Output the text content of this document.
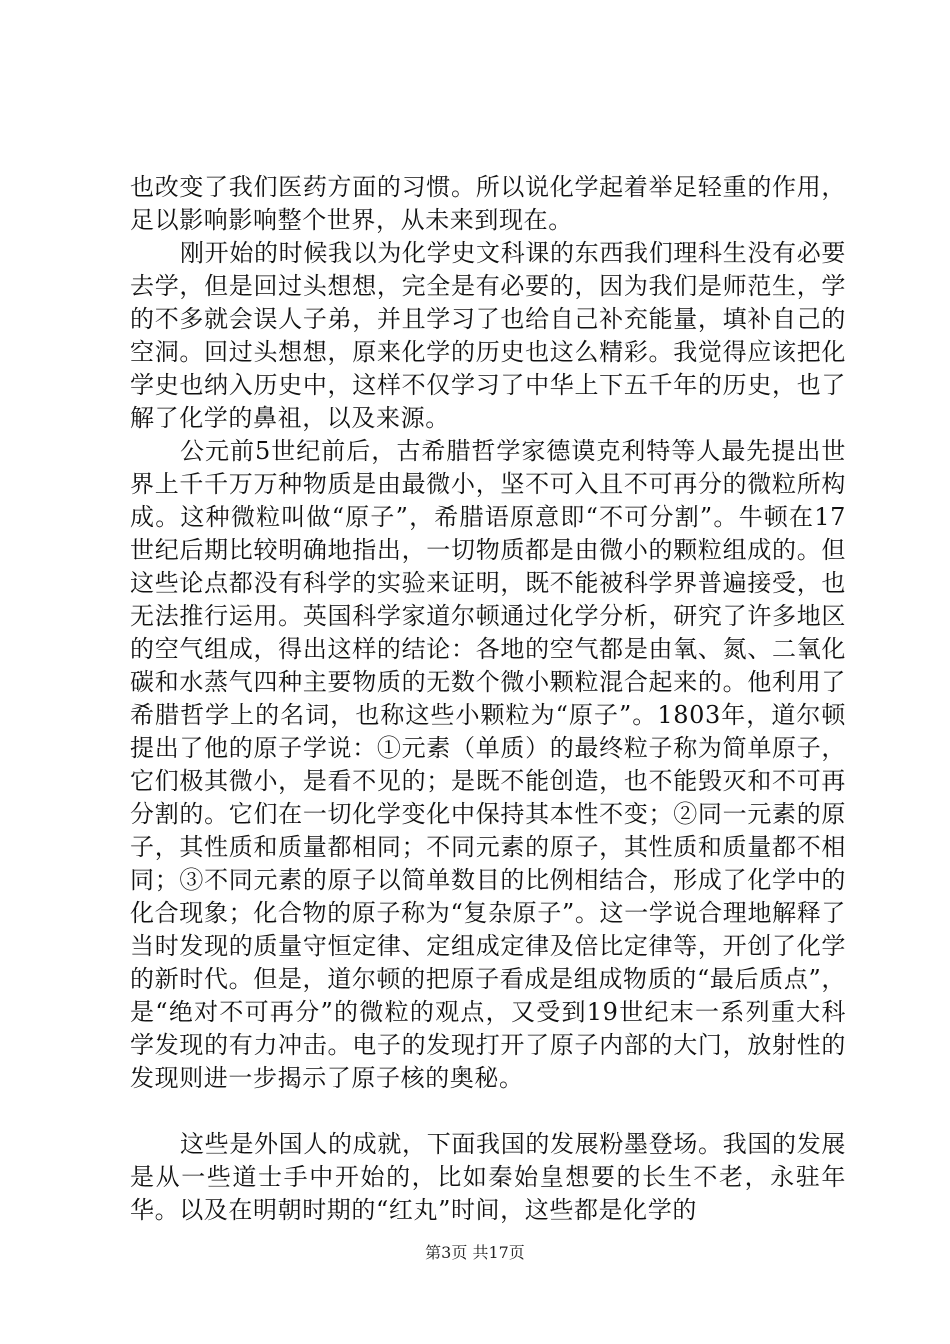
也改变了我们医药方面的习惯。所以说化学起着举足轻重的作用，足以影响影响整个世界，从未来到现在。

刚开始的时候我以为化学史文科课的东西我们理科生没有必要去学，但是回过头想想，完全是有必要的，因为我们是师范生，学的不多就会误人子弟，并且学习了也给自己补充能量，填补自己的空洞。回过头想想，原来化学的历史也这么精彩。我觉得应该把化学史也纳入历史中，这样不仅学习了中华上下五千年的历史，也了解了化学的鼻祖，以及来源。

公元前5世纪前后，古希腊哲学家德谟克利特等人最先提出世界上千千万万种物质是由最微小，坚不可入且不可再分的微粒所构成。这种微粒叫做“原子”，希腊语原意即“不可分割”。牛顿在17世纪后期比较明确地指出，一切物质都是由微小的颗粒组成的。但这些论点都没有科学的实验来证明，既不能被科学界普遍接受，也无法推行运用。英国科学家道尔顿通过化学分析，研究了许多地区的空气组成，得出这样的结论：各地的空气都是由氧、氮、二氧化碳和水蒸气四种主要物质的无数个微小颗粒混合起来的。他利用了希腊哲学上的名词，也称这些小颗粒为“原子”。1803年，道尔顿提出了他的原子学说：①元素（单质）的最终粒子称为简单原子，它们极其微小，是看不见的；是既不能创造，也不能毁灭和不可再分割的。它们在一切化学变化中保持其本性不变；②同一元素的原子，其性质和质量都相同；不同元素的原子，其性质和质量都不相同；③不同元素的原子以简单数目的比例相结合，形成了化学中的化合现象；化合物的原子称为“复杂原子”。这一学说合理地解释了当时发现的质量守恒定律、定组成定律及倍比定律等，开创了化学的新时代。但是，道尔顿的把原子看成是组成物质的“最后质点”，是“绝对不可再分”的微粒的观点，又受到19世纪末一系列重大科学发现的有力冲击。电子的发现打开了原子内部的大门，放射性的发现则进一步揭示了原子核的奥秘。

这些是外国人的成就，下面我国的发展粉墨登场。我国的发展是从一些道士手中开始的，比如秦始皇想要的长生不老，永驻年华。以及在明朝时期的“红丸”时间，这些都是化学的

第3页 共17页
